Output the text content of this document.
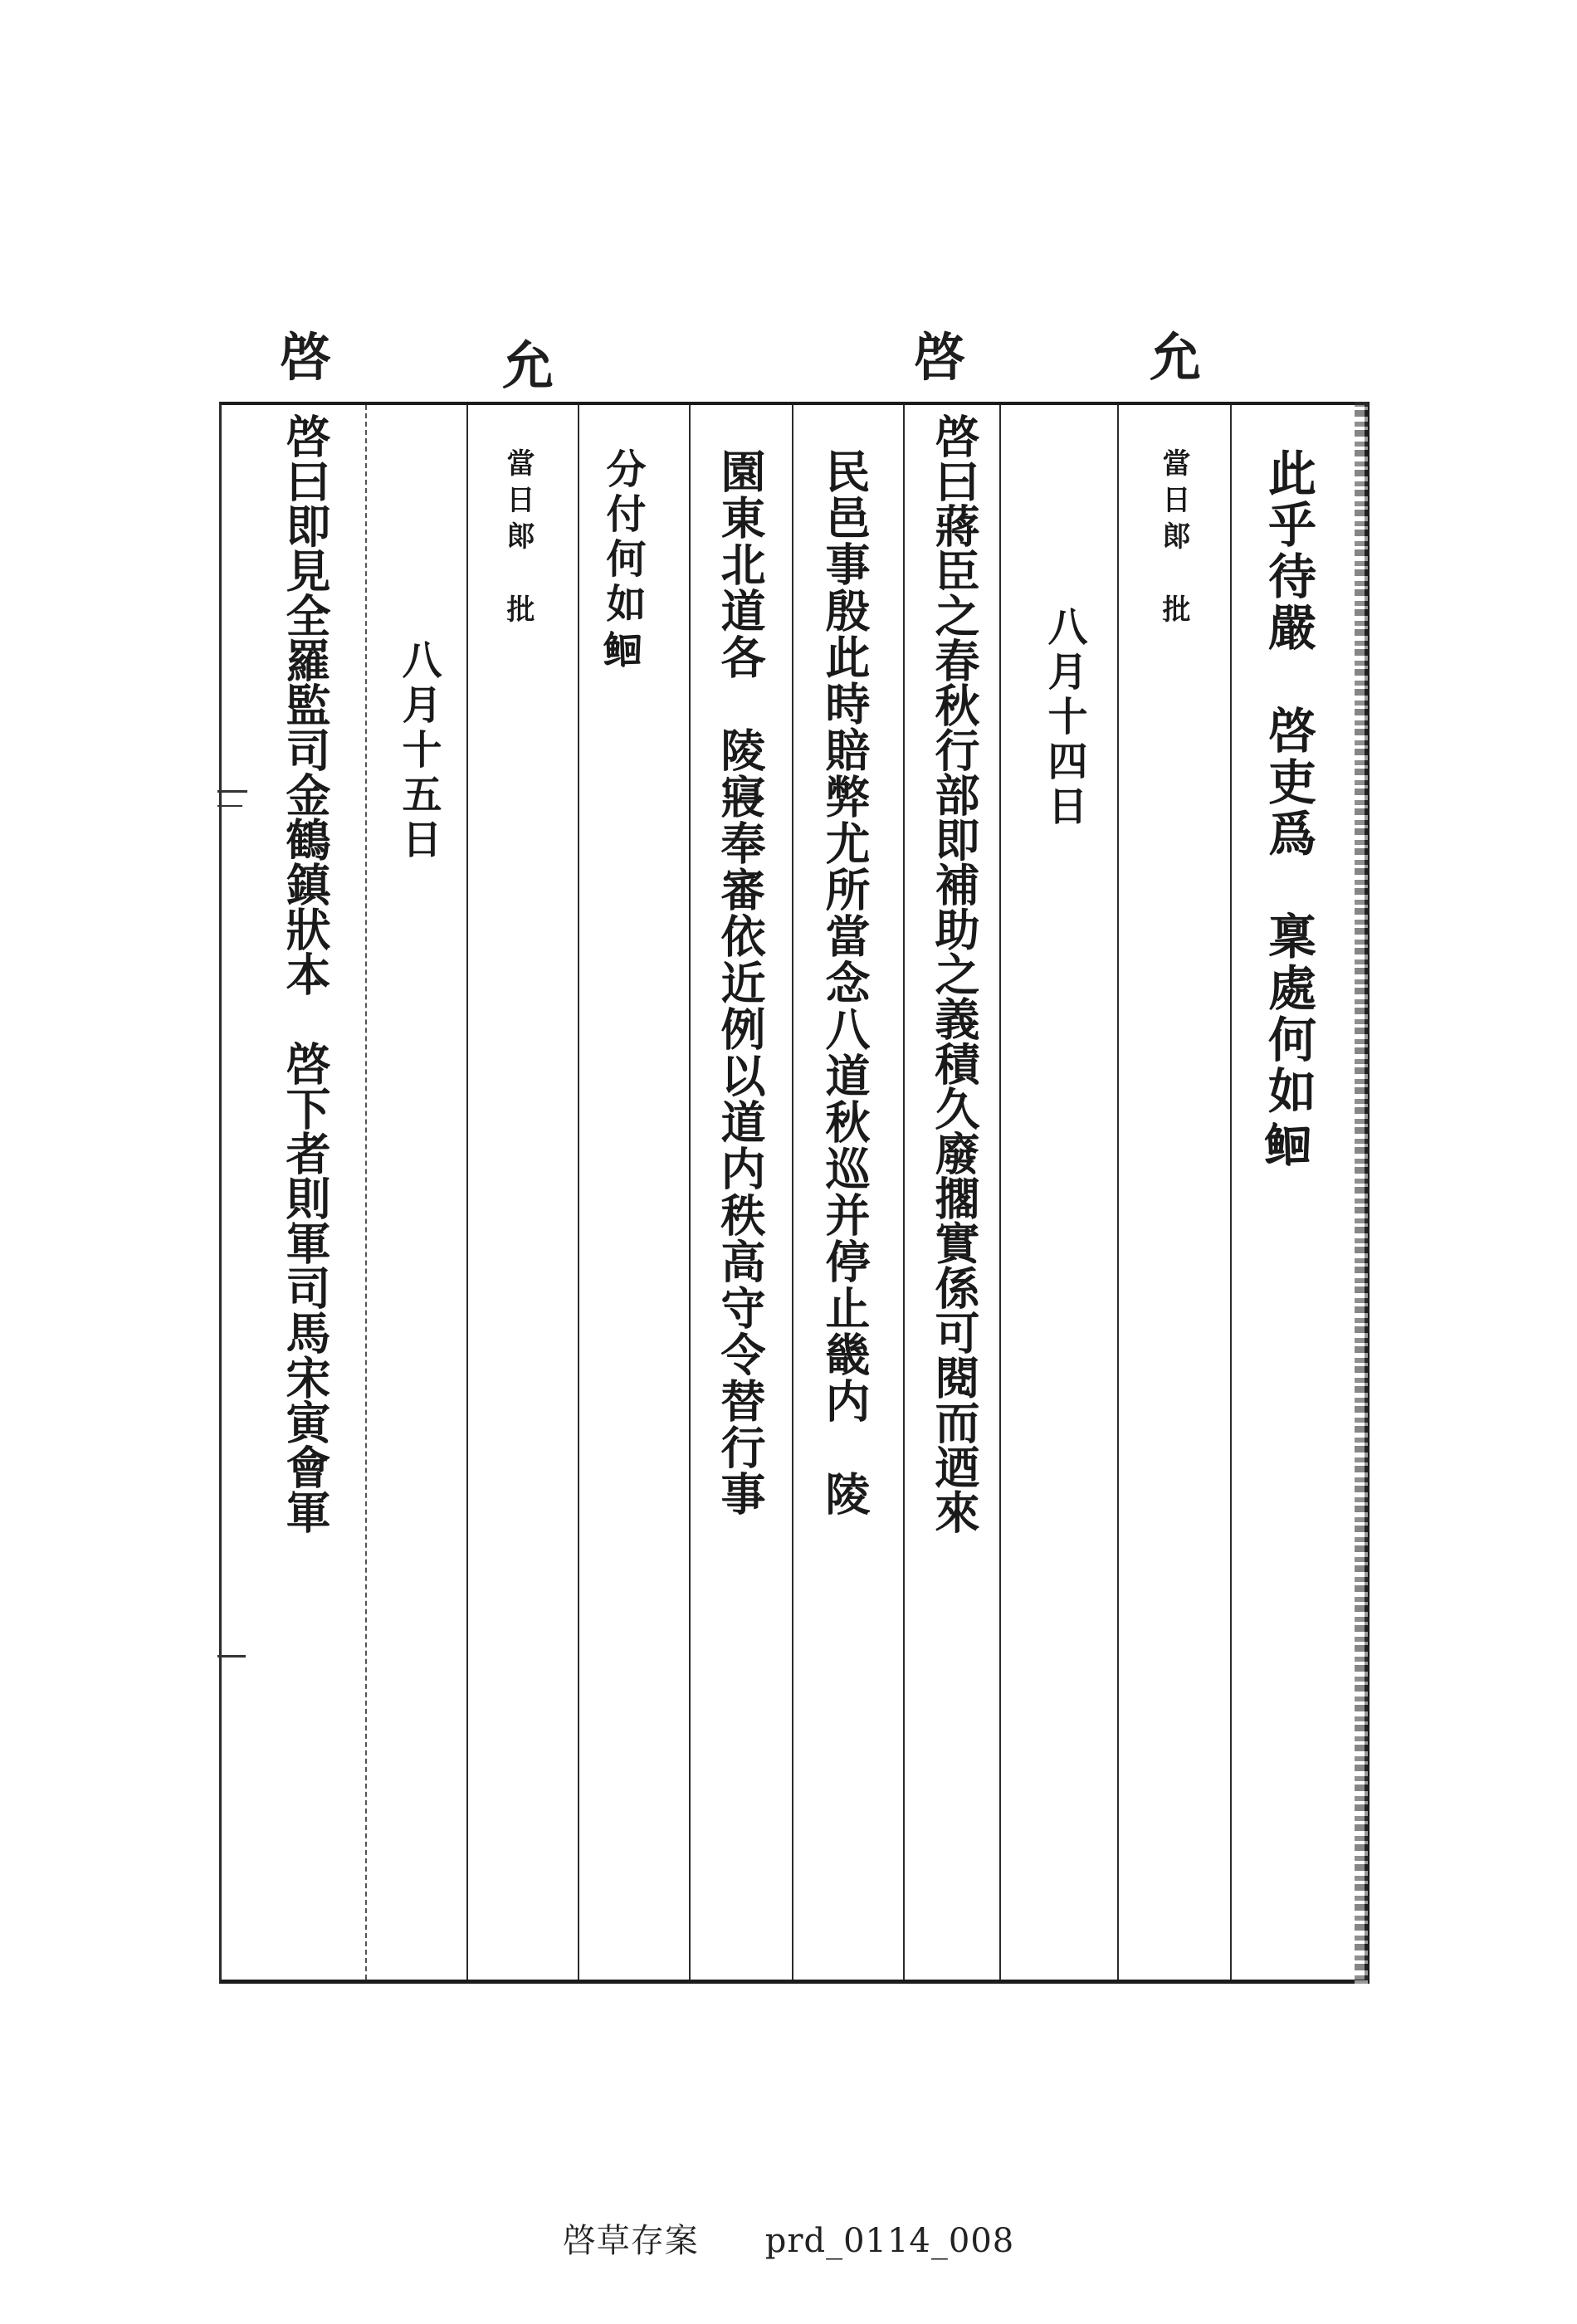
允
啓
允
啓
此乎待嚴　啓吏爲　稟處何如𫚔
當日郞　批
八月十四日
啓曰蔣臣之春秋行部即補助之義積久廢擱實係可閱而迺來
民邑事殷此時賠弊尤所當念八道秋巡并停止畿内　陵
園東北道各　陵寢奉審依近例以道内秩高守令替行事
分付何如𫚔
當日郞　批
八月十五日
啓曰即見全羅監司金鶴鎮狀本　啓下者則軍司馬宋寅會軍
啓草存案 prd_0114_008
